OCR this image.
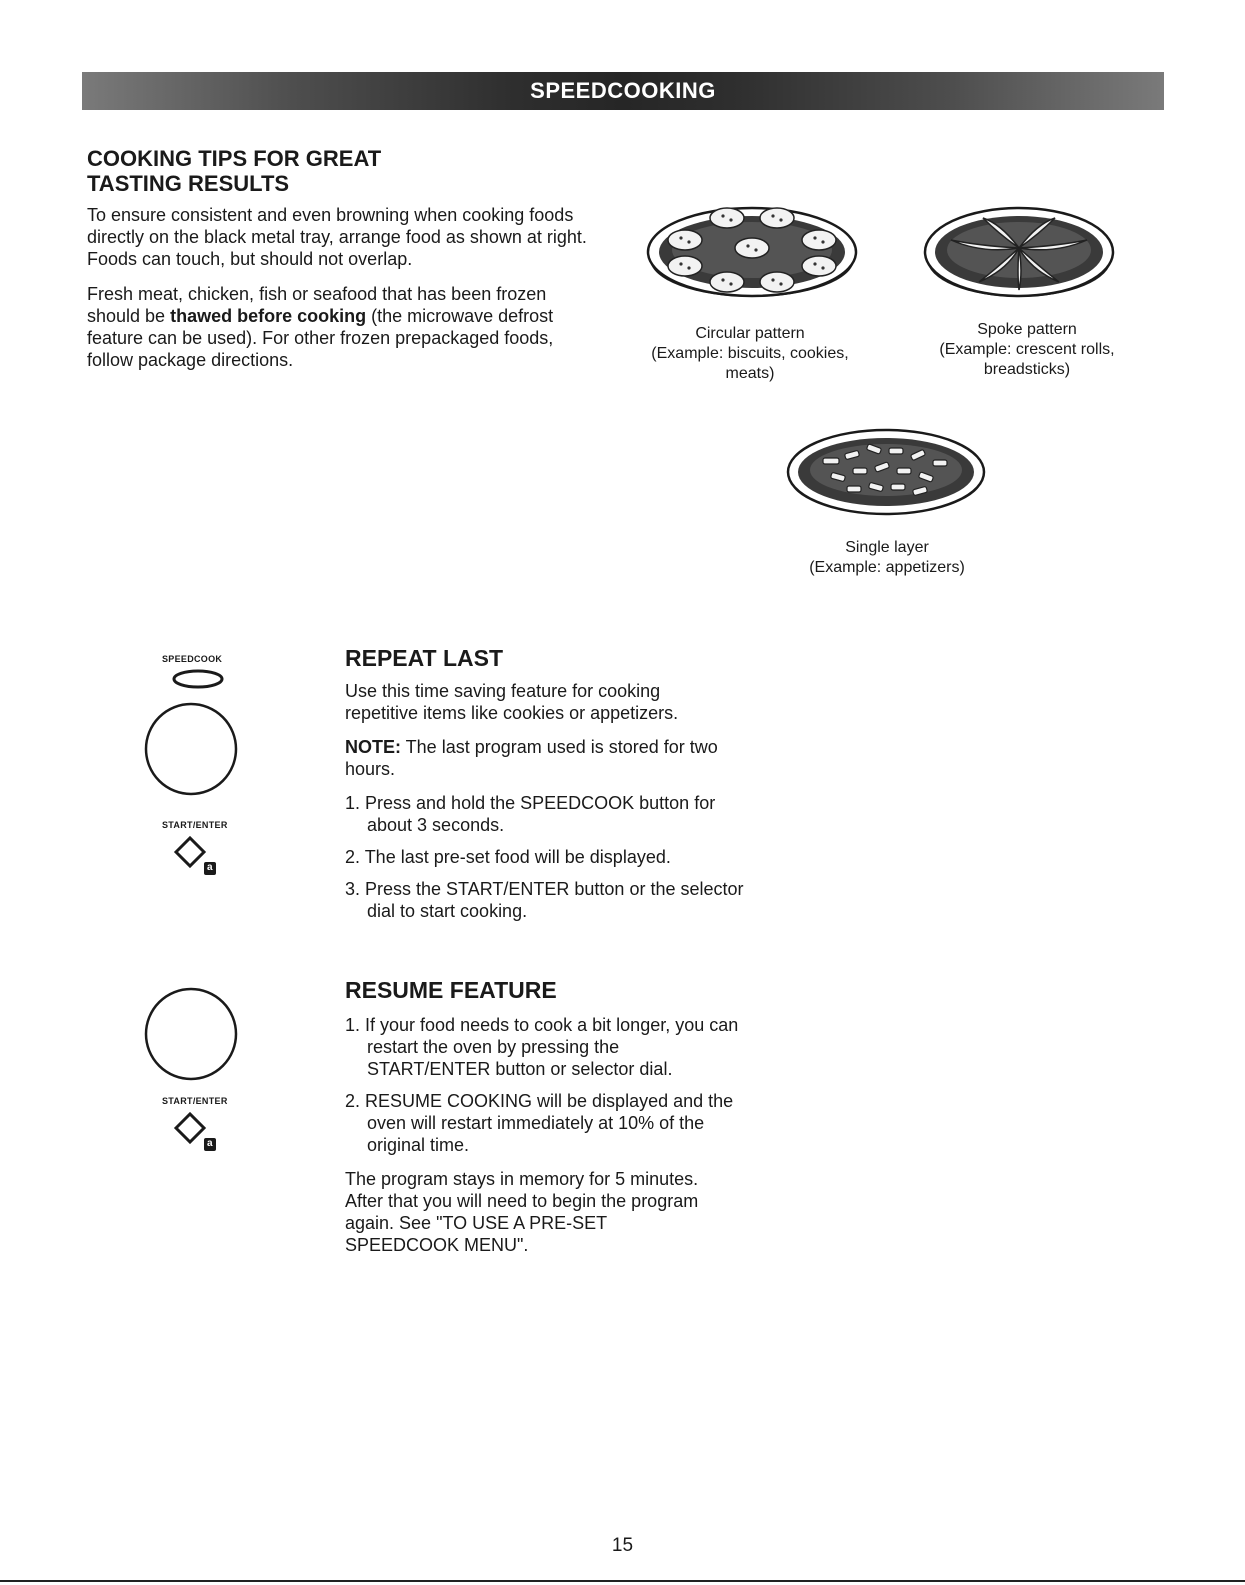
SPEEDCOOKING
COOKING TIPS FOR GREAT
TASTING RESULTS

To ensure consistent and even browning when cooking foods directly on the black metal tray, arrange food as shown at right. Foods can touch, but should not overlap.

Fresh meat, chicken, fish or seafood that has been frozen should be thawed before cooking (the microwave defrost feature can be used). For other frozen prepackaged foods, follow package directions.

Circular pattern
(Example: biscuits, cookies,
meats)
Spoke pattern
(Example: crescent rolls,
breadsticks)
Single layer
(Example: appetizers)
SPEEDCOOK
START/ENTER
a
REPEAT LAST

Use this time saving feature for cooking repetitive items like cookies or appetizers.

NOTE: The last program used is stored for two hours.

1. Press and hold the SPEEDCOOK button for about 3 seconds.
2. The last pre-set food will be displayed.
3. Press the START/ENTER button or the selector dial to start cooking.
START/ENTER
a
RESUME FEATURE
1. If your food needs to cook a bit longer, you can restart the oven by pressing the START/ENTER button or selector dial.
2. RESUME COOKING will be displayed and the oven will restart immediately at 10% of the original time.

The program stays in memory for 5 minutes. After that you will need to begin the program again. See "TO USE A PRE-SET SPEEDCOOK MENU".

15
